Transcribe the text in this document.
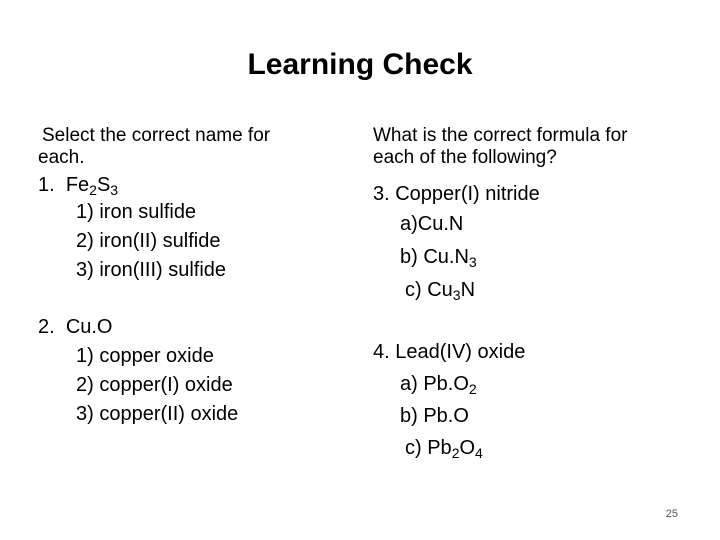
Learning Check
Select the correct name for
each.
1. $Fe_2S_3$
1) iron sulfide
2) iron(II) sulfide
3) iron(III) sulfide
2. Cu.O
1) copper oxide
2) copper(I) oxide
3) copper(II) oxide
What is the correct formula for
each of the following?
3. Copper(I) nitride
a)Cu.N
b) $Cu.N_3$
c) $Cu_3N$
4. Lead(IV) oxide
a) $Pb.O_2$
b) Pb.O
c) $Pb_2O_4$
25
